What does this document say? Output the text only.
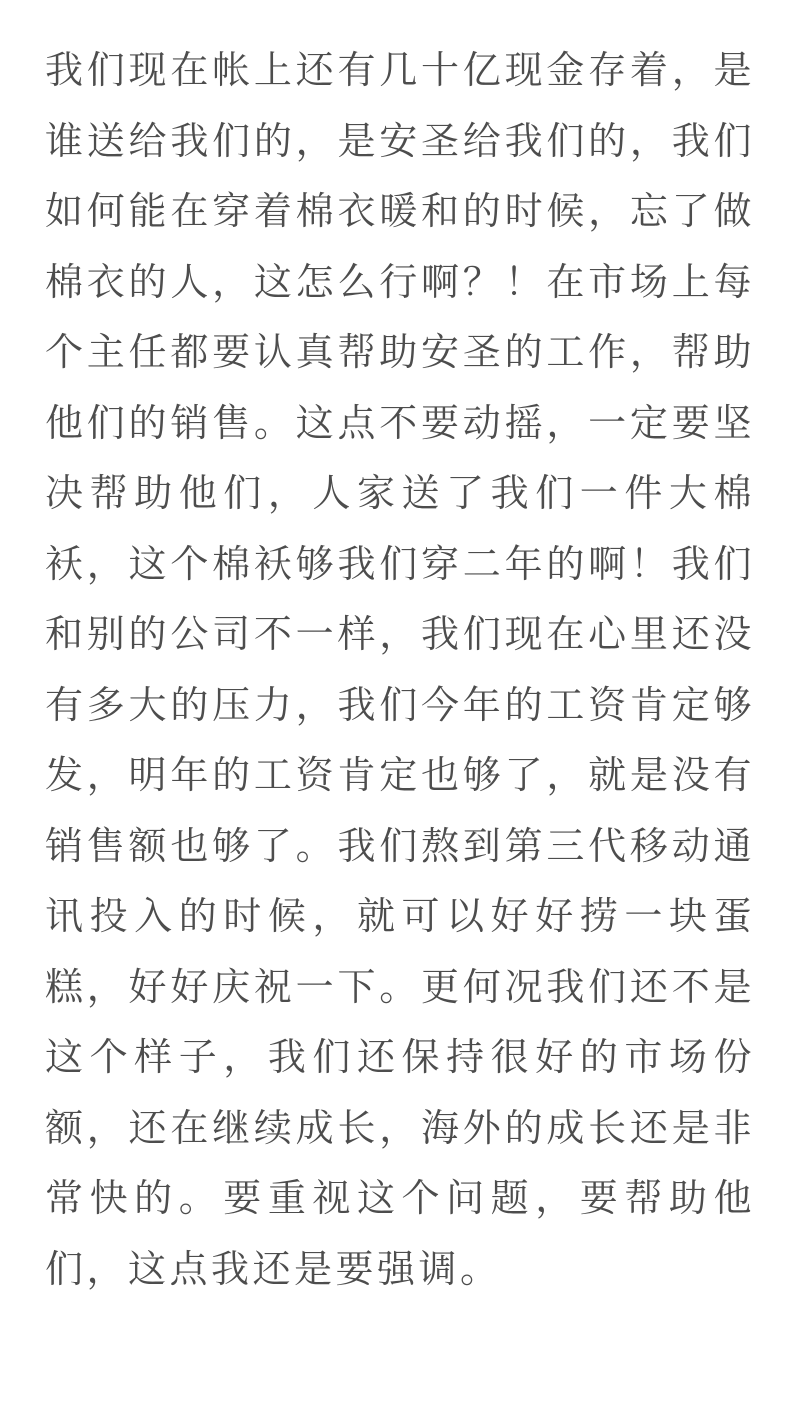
我们现在帐上还有几十亿现金存着，是
谁送给我们的，是安圣给我们的，我们
如何能在穿着棉衣暖和的时候，忘了做
棉衣的人，这怎么行啊？！在市场上每
个主任都要认真帮助安圣的工作，帮助
他们的销售。这点不要动摇，一定要坚
决帮助他们，人家送了我们一件大棉
袄，这个棉袄够我们穿二年的啊！我们
和别的公司不一样，我们现在心里还没
有多大的压力，我们今年的工资肯定够
发，明年的工资肯定也够了，就是没有
销售额也够了。我们熬到第三代移动通
讯投入的时候，就可以好好捞一块蛋
糕，好好庆祝一下。更何况我们还不是
这个样子，我们还保持很好的市场份
额，还在继续成长，海外的成长还是非
常快的。要重视这个问题，要帮助他
们，这点我还是要强调。
